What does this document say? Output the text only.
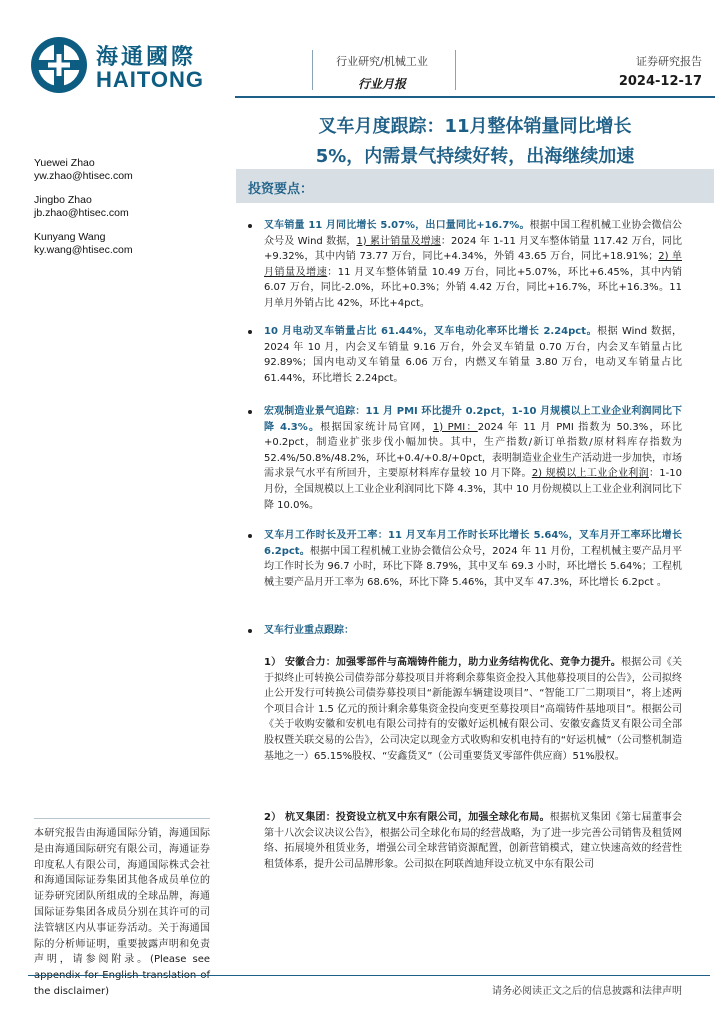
海通國際
HAITONG
行业研究/机械工业
行业月报
证券研究报告
2024-12-17
叉车月度跟踪：11月整体销量同比增长
5%，内需景气持续好转，出海继续加速
Yuewei Zhao
yw.zhao@htisec.com
Jingbo Zhao
jb.zhao@htisec.com
Kunyang Wang
ky.wang@htisec.com
投资要点：
叉车销量 11 月同比增长 5.07%，出口量同比+16.7%。根据中国工程机械工业协会微信公众号及 Wind 数据，1) 累计销量及增速：2024 年 1-11 月叉车整体销量 117.42 万台，同比+9.32%，其中内销 73.77 万台，同比+4.34%，外销 43.65 万台，同比+18.91%；2) 单月销量及增速：11 月叉车整体销量 10.49 万台，同比+5.07%，环比+6.45%，其中内销 6.07 万台，同比-2.0%，环比+0.3%；外销 4.42 万台，同比+16.7%，环比+16.3%。11 月单月外销占比 42%，环比+4pct。
10 月电动叉车销量占比 61.44%，叉车电动化率环比增长 2.24pct。根据 Wind 数据，2024 年 10 月，内会叉车销量 9.16 万台，外会叉车销量 0.70 万台，内会叉车销量占比 92.89%；国内电动叉车销量 6.06 万台，内燃叉车销量 3.80 万台，电动叉车销量占比 61.44%，环比增长 2.24pct。
宏观制造业景气追踪：11 月 PMI 环比提升 0.2pct，1-10 月规模以上工业企业利润同比下降 4.3%。根据国家统计局官网，1) PMI：2024 年 11 月 PMI 指数为 50.3%，环比+0.2pct，制造业扩张步伐小幅加快。其中，生产指数/新订单指数/原材料库存指数为 52.4%/50.8%/48.2%，环比+0.4/+0.8/+0pct，表明制造业企业生产活动进一步加快，市场需求景气水平有所回升，主要原材料库存量较 10 月下降。2) 规模以上工业企业利润：1-10 月份，全国规模以上工业企业利润同比下降 4.3%，其中 10 月份规模以上工业企业利润同比下降 10.0%。
叉车月工作时长及开工率：11 月叉车月工作时长环比增长 5.64%，叉车月开工率环比增长 6.2pct。根据中国工程机械工业协会微信公众号，2024 年 11 月份，工程机械主要产品月平均工作时长为 96.7 小时，环比下降 8.79%，其中叉车 69.3 小时，环比增长 5.64%；工程机械主要产品月开工率为 68.6%，环比下降 5.46%，其中叉车 47.3%，环比增长 6.2pct 。
叉车行业重点跟踪：
1） 安徽合力：加强零部件与高端铸件能力，助力业务结构优化、竞争力提升。根据公司《关于拟终止可转换公司债券部分募投项目并将剩余募集资金投入其他募投项目的公告》，公司拟终止公开发行可转换公司债券募投项目“新能源车辆建设项目”、“智能工厂二期项目”，将上述两个项目合计 1.5 亿元的预计剩余募集资金投向变更至募投项目“高端铸件基地项目”。根据公司《关于收购安徽和安机电有限公司持有的安徽好运机械有限公司、安徽安鑫货叉有限公司全部股权暨关联交易的公告》，公司决定以现金方式收购和安机电持有的“好运机械”（公司整机制造基地之一）65.15%股权、“安鑫货叉”（公司重要货叉零部件供应商）51%股权。
2） 杭叉集团：投资设立杭叉中东有限公司，加强全球化布局。根据杭叉集团《第七届董事会第十八次会议决议公告》，根据公司全球化布局的经营战略，为了进一步完善公司销售及租赁网络、拓展境外租赁业务，增强公司全球营销资源配置，创新营销模式，建立快速高效的经营性租赁体系，提升公司品牌形象。公司拟在阿联酋迪拜设立杭叉中东有限公司
本研究报告由海通国际分销，海通国际是由海通国际研究有限公司，海通证券印度私人有限公司，海通国际株式会社和海通国际证券集团其他各成员单位的证券研究团队所组成的全球品牌，海通国际证券集团各成员分别在其许可的司法管辖区内从事证券活动。关于海通国际的分析师证明，重要披露声明和免责声明，请参阅附录。(Please see the disclaimer)	请务必阅读正文之后的信息披露和法律声明
